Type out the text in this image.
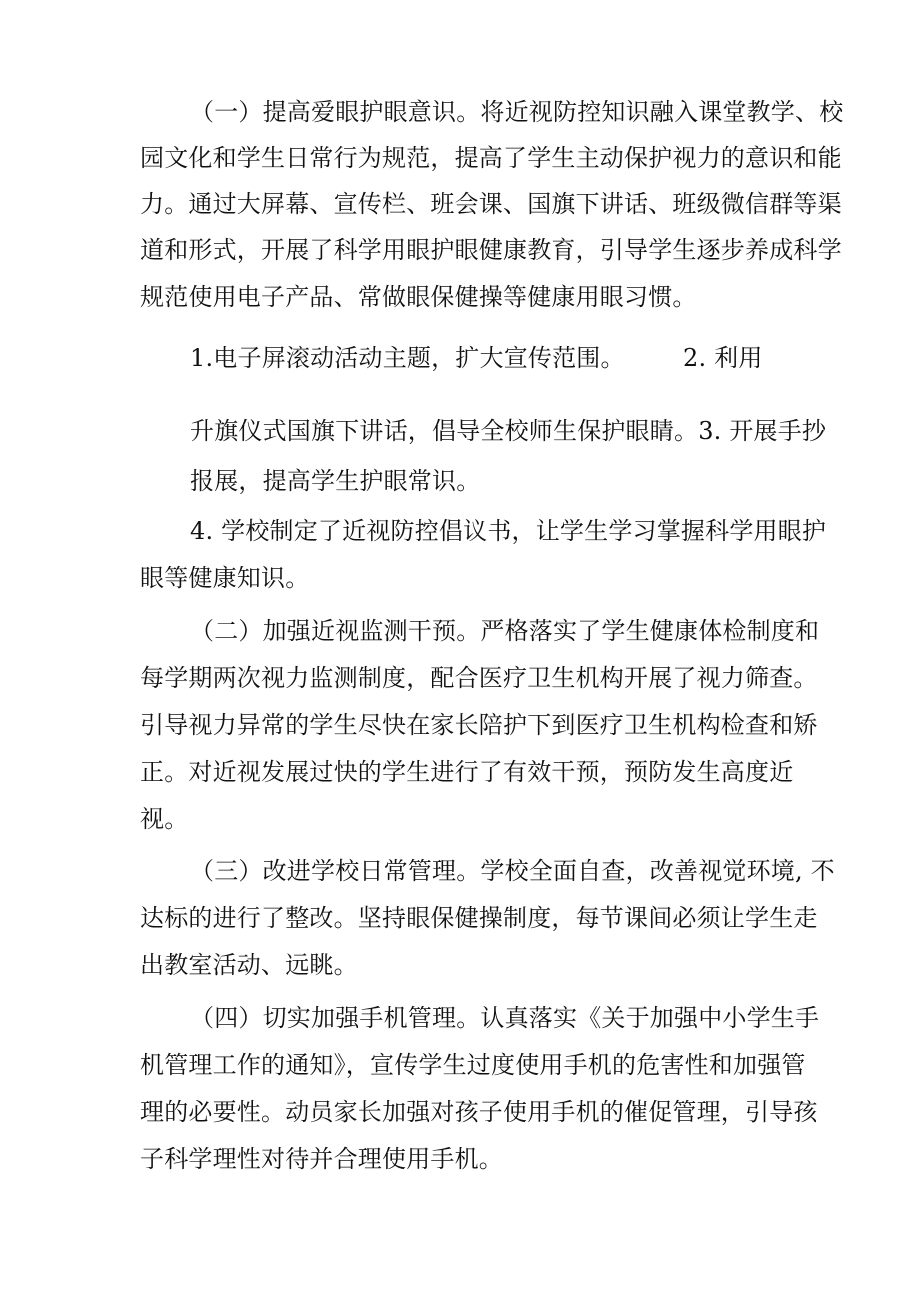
（一）提高爱眼护眼意识。将近视防控知识融入课堂教学、校
园文化和学生日常行为规范，提高了学生主动保护视力的意识和能
力。通过大屏幕、宣传栏、班会课、国旗下讲话、班级微信群等渠
道和形式，开展了科学用眼护眼健康教育，引导学生逐步养成科学
规范使用电子产品、常做眼保健操等健康用眼习惯。
1.电子屏滚动活动主题，扩大宣传范围。 2. 利用
升旗仪式国旗下讲话，倡导全校师生保护眼睛。3. 开展手抄
报展，提高学生护眼常识。
4. 学校制定了近视防控倡议书，让学生学习掌握科学用眼护
眼等健康知识。
（二）加强近视监测干预。严格落实了学生健康体检制度和
每学期两次视力监测制度，配合医疗卫生机构开展了视力筛查。
引导视力异常的学生尽快在家长陪护下到医疗卫生机构检查和矫
正。对近视发展过快的学生进行了有效干预，预防发生高度近
视。
（三）改进学校日常管理。学校全面自查，改善视觉环境, 不
达标的进行了整改。坚持眼保健操制度，每节课间必须让学生走
出教室活动、远眺。
（四）切实加强手机管理。认真落实《关于加强中小学生手
机管理工作的通知》，宣传学生过度使用手机的危害性和加强管
理的必要性。动员家长加强对孩子使用手机的催促管理，引导孩
子科学理性对待并合理使用手机。
